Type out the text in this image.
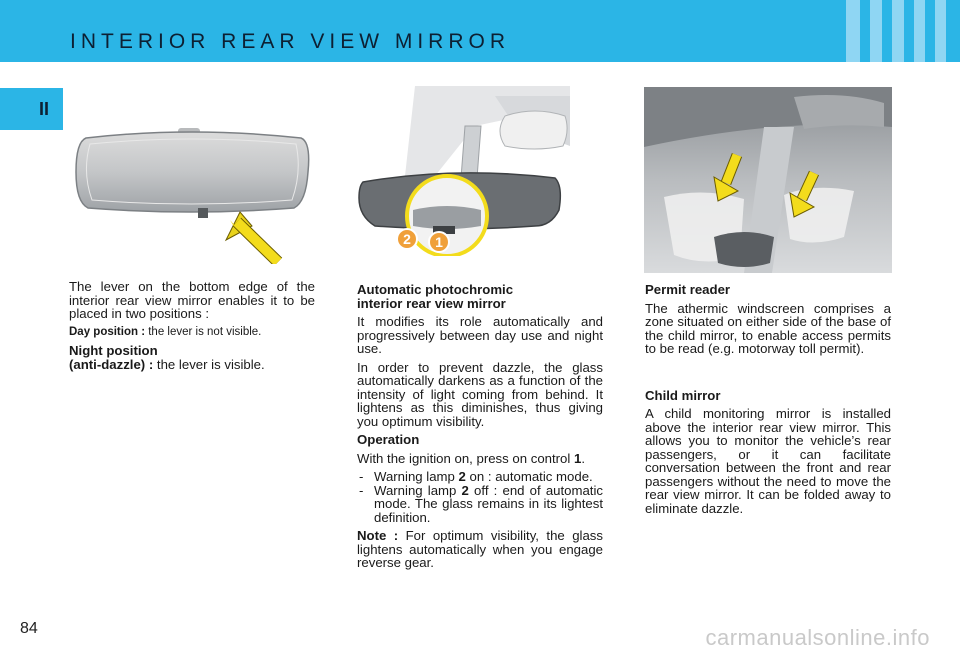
INTERIOR REAR VIEW MIRROR
II
2 1

The lever on the bottom edge of the interior rear view mirror enables it to be placed in two positions :

Day position : the lever is not visible.

Night position
(anti-dazzle) : the lever is visible.

Automatic photochromic
interior rear view mirror

It modifies its role automatically and progressively between day use and night use.

In order to prevent dazzle, the glass automatically darkens as a function of the intensity of light coming from behind. It lightens as this diminishes, thus giving you optimum visibility.

Operation

With the ignition on, press on control 1.

- Warning lamp 2 on : automatic mode.
- Warning lamp 2 off : end of automatic mode. The glass remains in its lightest definition.

Note : For optimum visibility, the glass lightens automatically when you engage reverse gear.

Permit reader

The athermic windscreen comprises a zone situated on either side of the base of the child mirror, to enable access permits to be read (e.g. motorway toll permit).

Child mirror

A child monitoring mirror is installed above the interior rear view mirror. This allows you to monitor the vehicle’s rear passengers, or it can facilitate conversation between the front and rear passengers without the need to move the rear view mirror. It can be folded away to eliminate dazzle.

84	carmanualsonline.info
